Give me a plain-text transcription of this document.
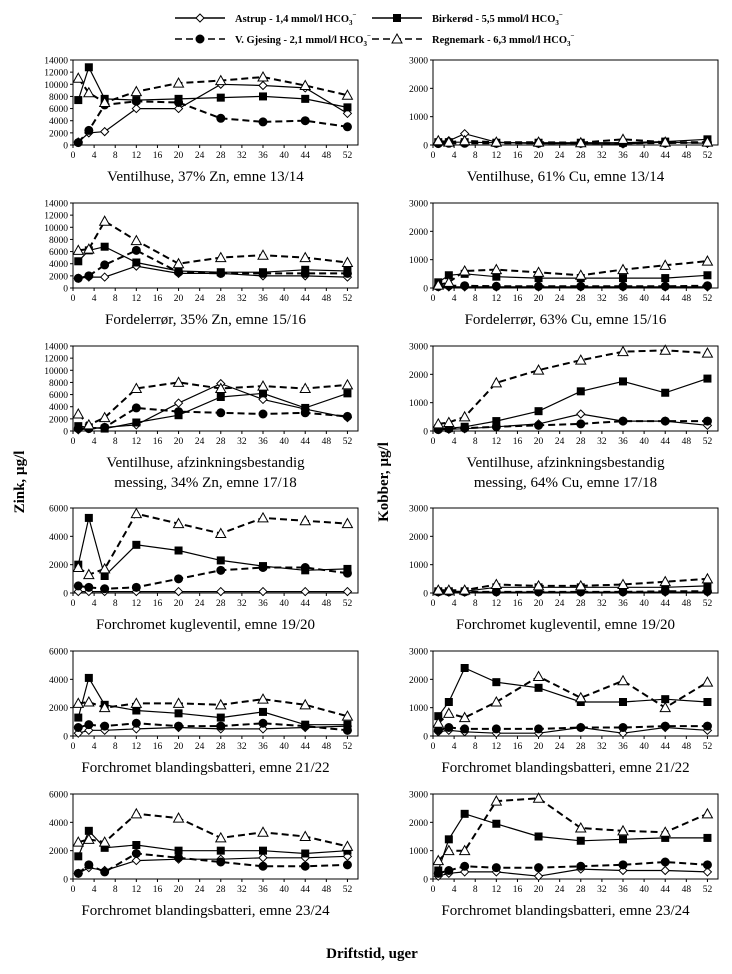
Astrup - 1,4 mmol/l $HCO_3^-$	Birkerød - 5,5 mmol/l $HCO_3^-$
V. Gjesing - 2,1 mmol/l $HCO_3^-$	Regnemark - 6,3 mmol/l $HCO_3^-$
0
2000
4000
6000
8000
10000
12000
14000
0 4 8 12 16 20 24 28 32 36 40 44 48 52
Ventilhuse, 37% Zn, emne 13/14
0
1000
2000
3000
0 4 8 12 16 20 24 28 32 36 40 44 48 52
Ventilhuse, 61% Cu, emne 13/14
0
2000
4000
6000
8000
10000
12000
14000
0 4 8 12 16 20 24 28 32 36 40 44 48 52
Fordelerrør, 35% Zn, emne 15/16
0
1000
2000
3000
0 4 8 12 16 20 24 28 32 36 40 44 48 52
Fordelerrør, 63% Cu, emne 15/16
0
2000
4000
6000
8000
10000
12000
14000
0 4 8 12 16 20 24 28 32 36 40 44 48 52
Ventilhuse, afzinkningsbestandig
messing, 34% Zn, emne 17/18
0
1000
2000
3000
0 4 8 12 16 20 24 28 32 36 40 44 48 52
Ventilhuse, afzinkningsbestandig
messing, 64% Cu, emne 17/18
0
2000
4000
6000
0 4 8 12 16 20 24 28 32 36 40 44 48 52
Forchromet kugleventil, emne 19/20
0
1000
2000
3000
0 4 8 12 16 20 24 28 32 36 40 44 48 52
Forchromet kugleventil, emne 19/20
0
2000
4000
6000
0 4 8 12 16 20 24 28 32 36 40 44 48 52
Forchromet blandingsbatteri, emne 21/22
0
1000
2000
3000
0 4 8 12 16 20 24 28 32 36 40 44 48 52
Forchromet blandingsbatteri, emne 21/22
0
2000
4000
6000
0 4 8 12 16 20 24 28 32 36 40 44 48 52
Forchromet blandingsbatteri, emne 23/24
0
1000
2000
3000
0 4 8 12 16 20 24 28 32 36 40 44 48 52
Forchromet blandingsbatteri, emne 23/24
Zink, µg/l	Kobber, µg/l
Driftstid, uger
